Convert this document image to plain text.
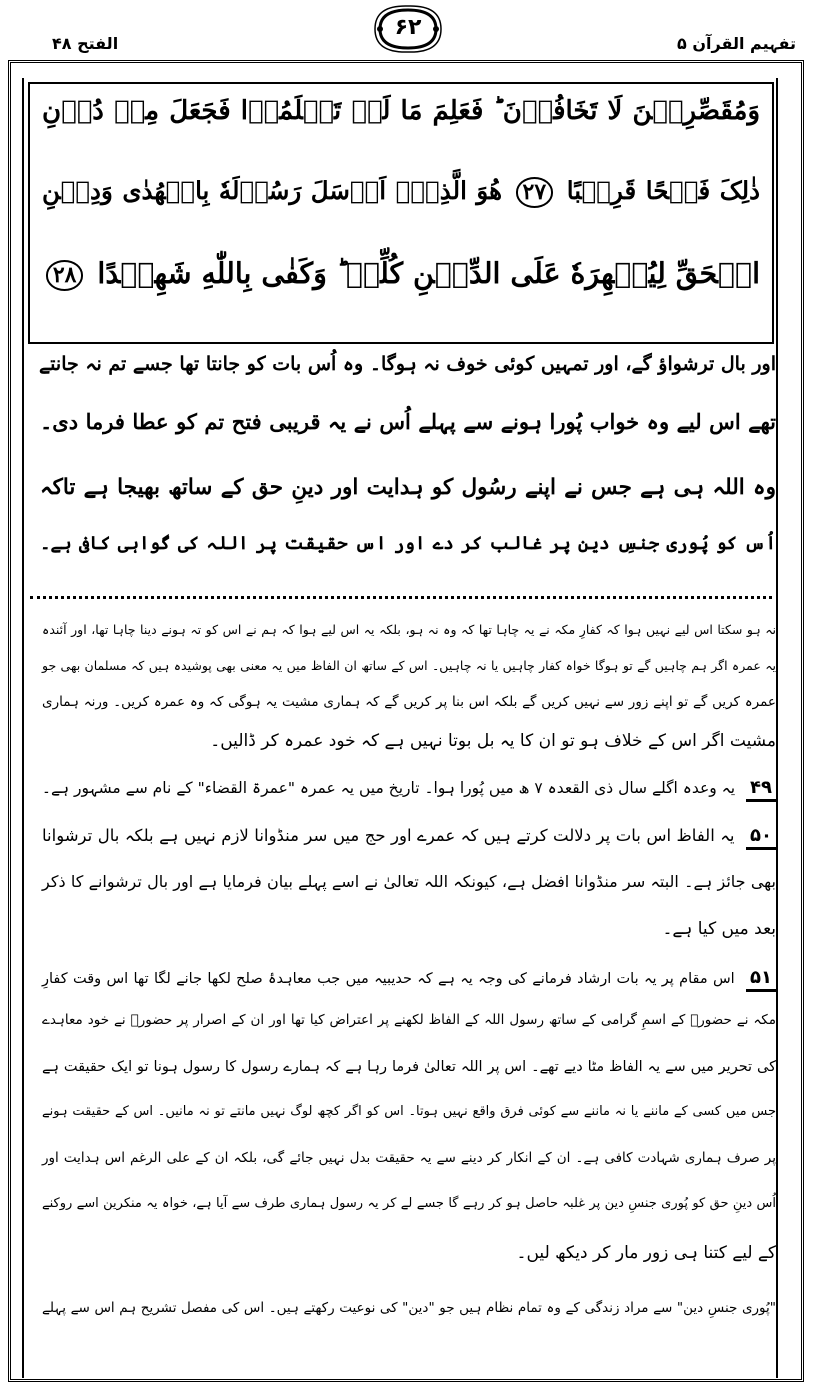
تفہیم القرآن ۵
الفتح ۴۸
۶۲
وَمُقَصِّرِیۡنَ لَا تَخَافُوۡنَ ؕ فَعَلِمَ مَا لَمۡ تَعۡلَمُوۡا فَجَعَلَ مِنۡ دُوۡنِ
ذٰلِکَ فَتۡحًا قَرِیۡبًا ۲۷ هُوَ الَّذِیۡۤ اَرۡسَلَ رَسُوۡلَهٗ بِالۡهُدٰی وَدِیۡنِ
الۡحَقِّ لِیُظۡهِرَهٗ عَلَی الدِّیۡنِ کُلِّهٖ ؕ وَکَفٰی بِاللّٰهِ شَهِیۡدًا ۲۸
اور بال ترشواؤ گے، اور تمہیں کوئی خوف نہ ہوگا۔ وہ اُس بات کو جانتا تھا جسے تم نہ جانتے
تھے اس لیے وہ خواب پُورا ہونے سے پہلے اُس نے یہ قریبی فتح تم کو عطا فرما دی۔
وہ اللہ ہی ہے جس نے اپنے رسُول کو ہدایت اور دینِ حق کے ساتھ بھیجا ہے تاکہ
اُس کو پُوری جنسِ دین پر غالب کر دے اور اس حقیقت پر اللہ کی گواہی کافی ہے۔
نہ ہو سکتا اس لیے نہیں ہوا کہ کفارِ مکہ نے یہ چاہا تھا کہ وہ نہ ہو، بلکہ یہ اس لیے ہوا کہ ہم نے اس کو تہ ہونے دینا چاہا تھا، اور آئندہ
یہ عمرہ اگر ہم چاہیں گے تو ہوگا خواہ کفار چاہیں یا نہ چاہیں۔ اس کے ساتھ ان الفاظ میں یہ معنی بھی پوشیدہ ہیں کہ مسلمان بھی جو
عمرہ کریں گے تو اپنے زور سے نہیں کریں گے بلکہ اس بنا پر کریں گے کہ ہماری مشیت یہ ہوگی کہ وہ عمرہ کریں۔ ورنہ ہماری
مشیت اگر اس کے خلاف ہو تو ان کا یہ بل بوتا نہیں ہے کہ خود عمرہ کر ڈالیں۔
۴۹ یہ وعدہ اگلے سال ذی القعدہ ۷ ھ میں پُورا ہوا۔ تاریخ میں یہ عمرہ "عمرۃ القضاء" کے نام سے مشہور ہے۔
۵۰ یہ الفاظ اس بات پر دلالت کرتے ہیں کہ عمرے اور حج میں سر منڈوانا لازم نہیں ہے بلکہ بال ترشوانا
بھی جائز ہے۔ البتہ سر منڈوانا افضل ہے، کیونکہ اللہ تعالیٰ نے اسے پہلے بیان فرمایا ہے اور بال ترشوانے کا ذکر
بعد میں کیا ہے۔
۵۱ اس مقام پر یہ بات ارشاد فرمانے کی وجہ یہ ہے کہ حدیبیہ میں جب معاہدۂ صلح لکھا جانے لگا تھا اس وقت کفارِ
مکہ نے حضورؐ کے اسمِ گرامی کے ساتھ رسول اللہ کے الفاظ لکھنے پر اعتراض کیا تھا اور ان کے اصرار پر حضورؐ نے خود معاہدے
کی تحریر میں سے یہ الفاظ مٹا دیے تھے۔ اس پر اللہ تعالیٰ فرما رہا ہے کہ ہمارے رسول کا رسول ہونا تو ایک حقیقت ہے
جس میں کسی کے ماننے یا نہ ماننے سے کوئی فرق واقع نہیں ہوتا۔ اس کو اگر کچھ لوگ نہیں مانتے تو نہ مانیں۔ اس کے حقیقت ہونے
پر صرف ہماری شہادت کافی ہے۔ ان کے انکار کر دینے سے یہ حقیقت بدل نہیں جائے گی، بلکہ ان کے علی الرغم اس ہدایت اور
اُس دینِ حق کو پُوری جنسِ دین پر غلبہ حاصل ہو کر رہے گا جسے لے کر یہ رسول ہماری طرف سے آیا ہے، خواہ یہ منکرین اسے روکنے
کے لیے کتنا ہی زور مار کر دیکھ لیں۔
"پُوری جنسِ دین" سے مراد زندگی کے وہ تمام نظام ہیں جو "دین" کی نوعیت رکھتے ہیں۔ اس کی مفصل تشریح ہم اس سے پہلے
